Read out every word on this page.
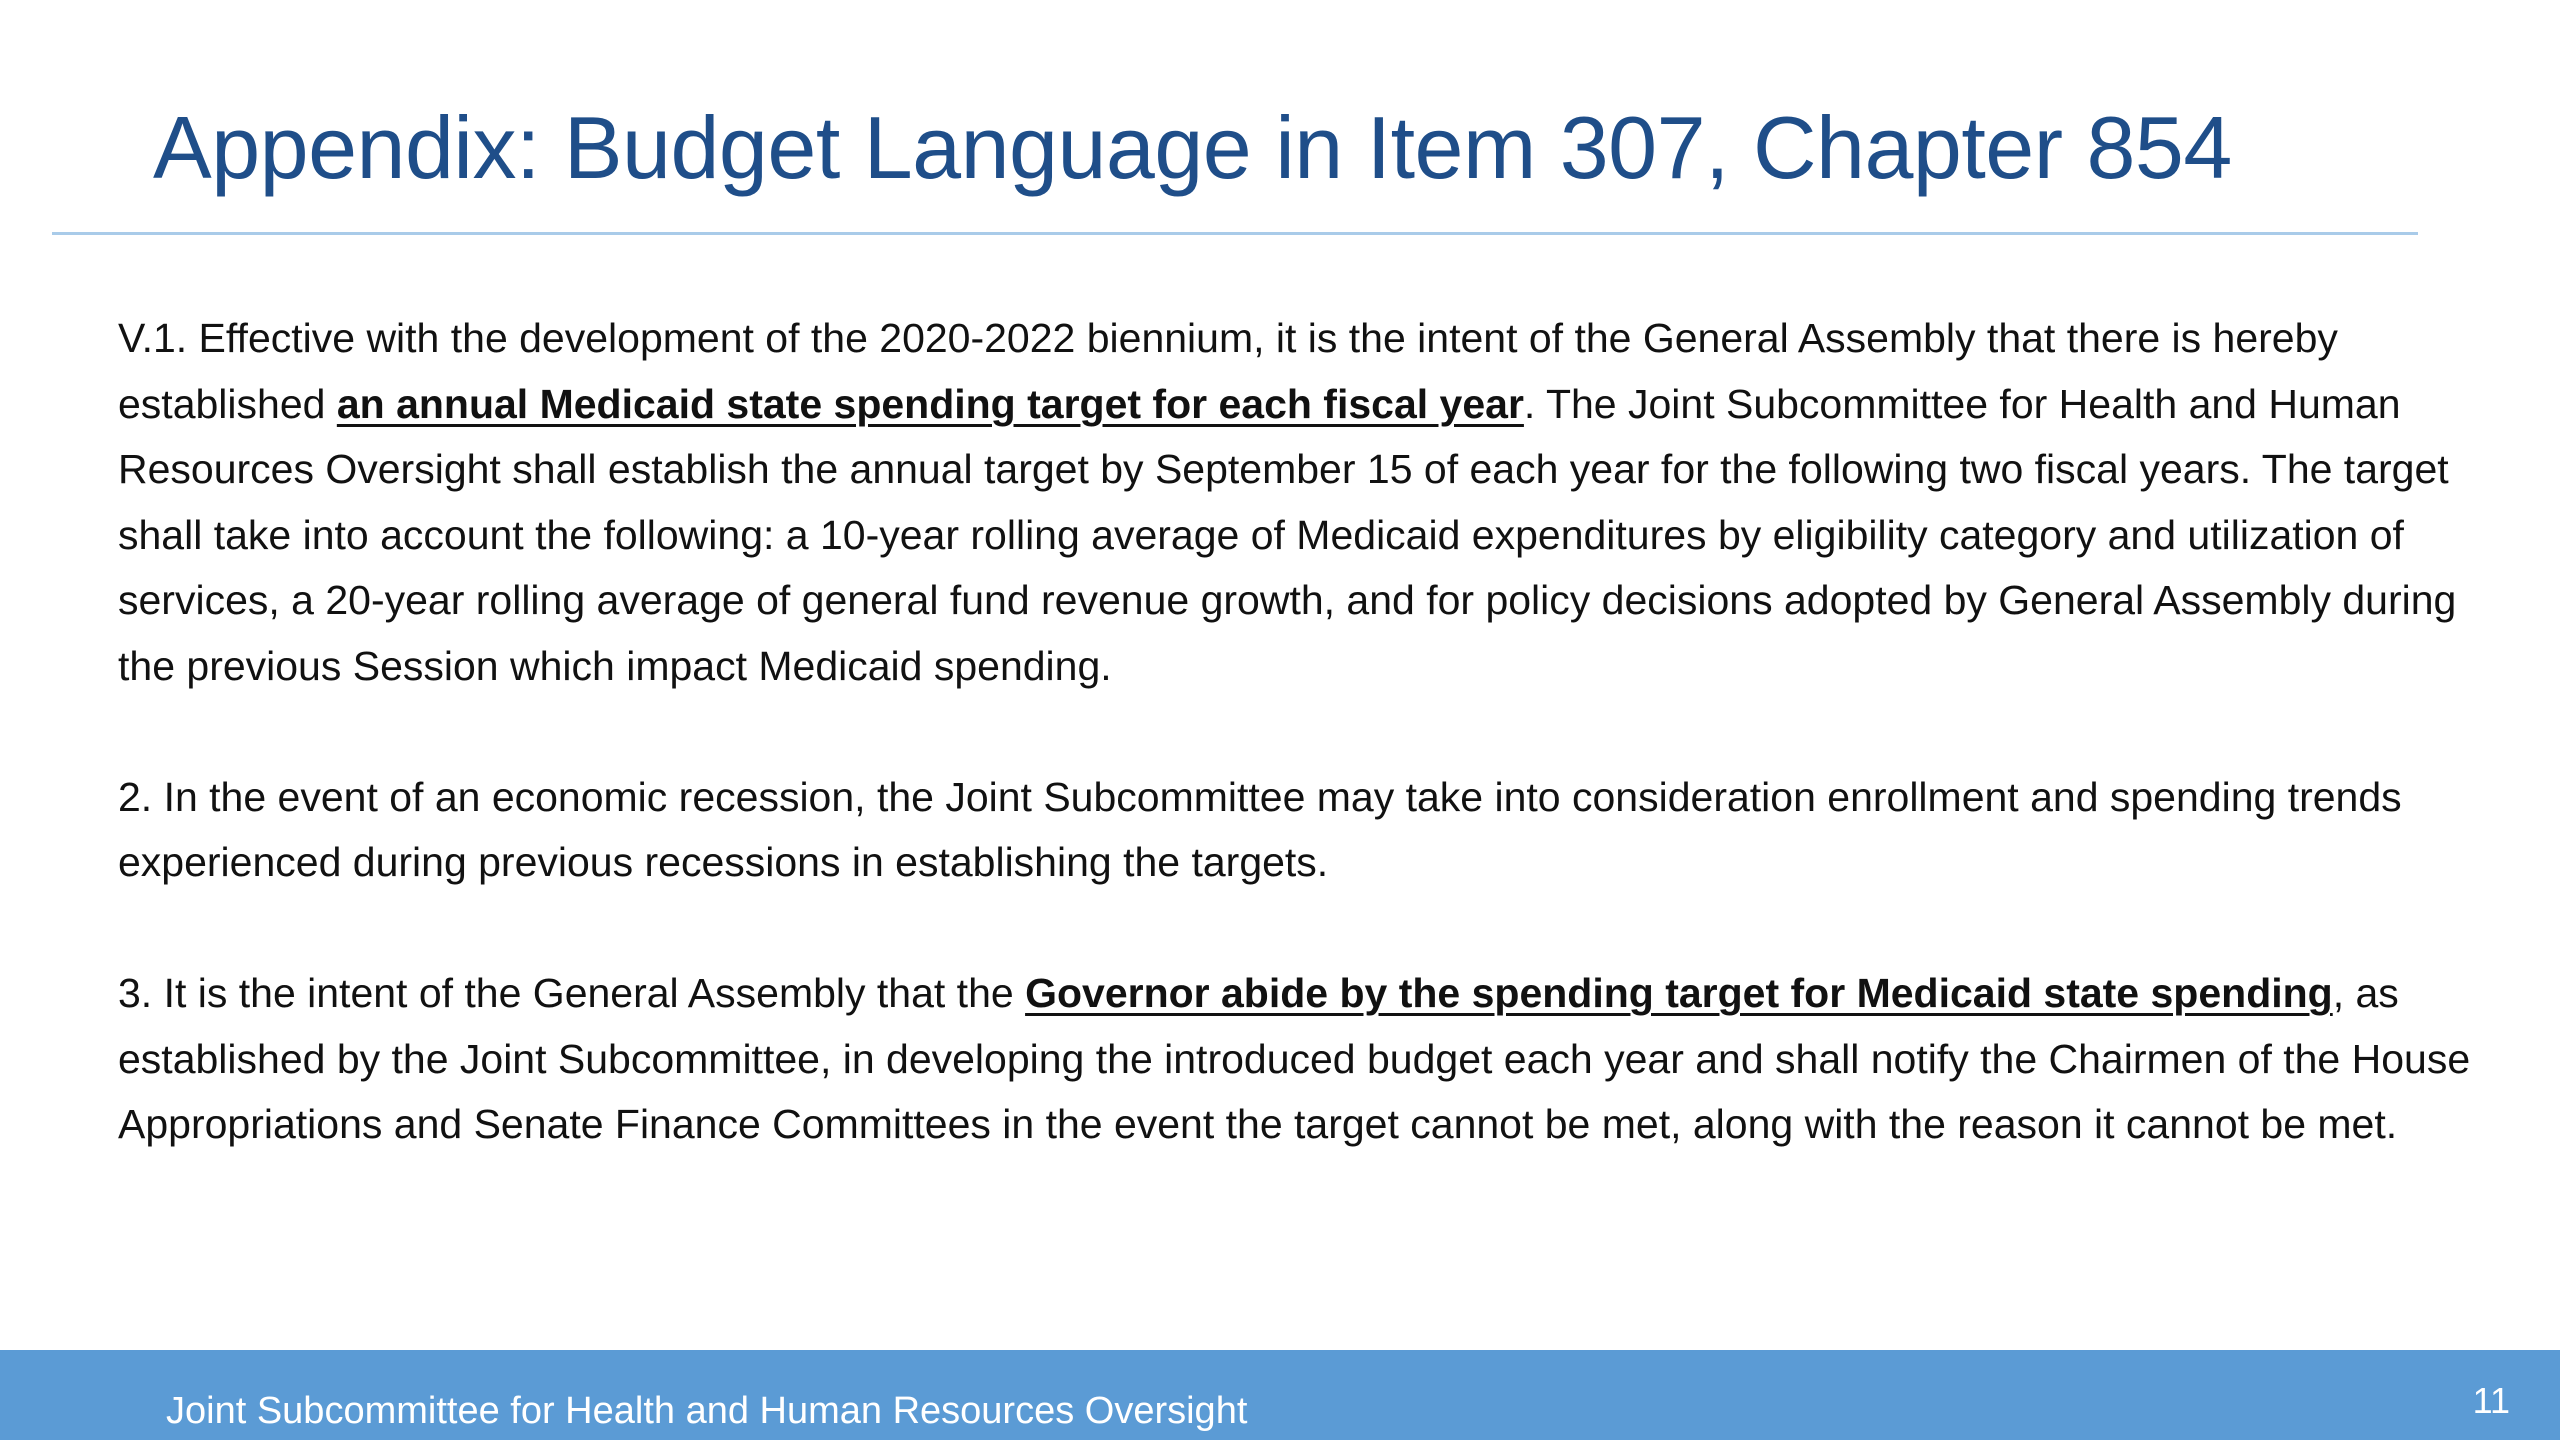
Appendix: Budget Language in Item 307, Chapter 854

V.1. Effective with the development of the 2020-2022 biennium, it is the intent of the General Assembly that there is hereby established an annual Medicaid state spending target for each fiscal year. The Joint Subcommittee for Health and Human Resources Oversight shall establish the annual target by September 15 of each year for the following two fiscal years. The target shall take into account the following: a 10-year rolling average of Medicaid expenditures by eligibility category and utilization of services, a 20-year rolling average of general fund revenue growth, and for policy decisions adopted by General Assembly during the previous Session which impact Medicaid spending.

2. In the event of an economic recession, the Joint Subcommittee may take into consideration enrollment and spending trends experienced during previous recessions in establishing the targets.

3. It is the intent of the General Assembly that the Governor abide by the spending target for Medicaid state spending, as established by the Joint Subcommittee, in developing the introduced budget each year and shall notify the Chairmen of the House Appropriations and Senate Finance Committees in the event the target cannot be met, along with the reason it cannot be met.

Joint Subcommittee for Health and Human Resources Oversight	11
